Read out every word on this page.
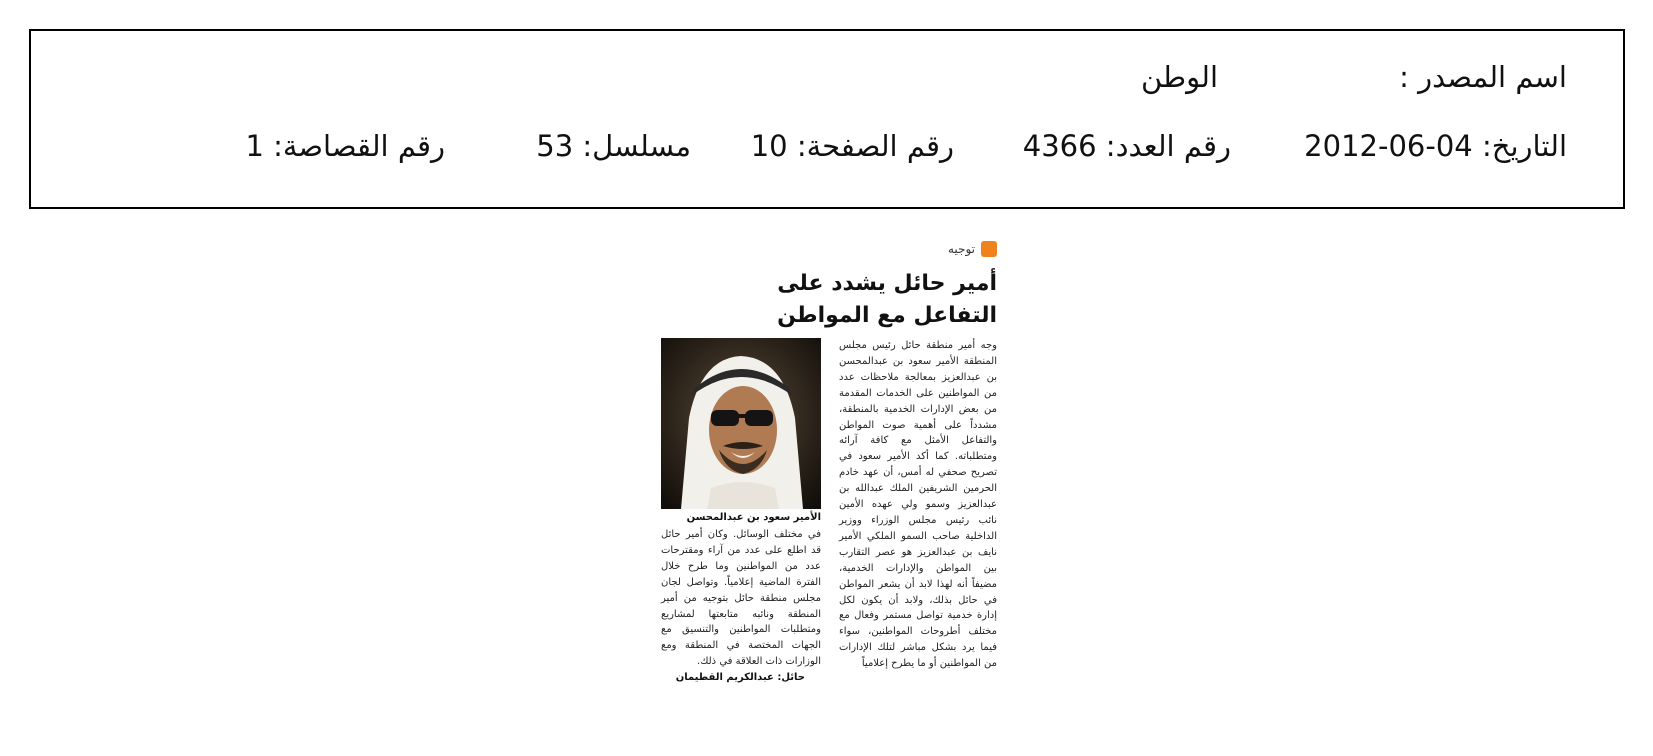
اسم المصدر :
الوطن
التاريخ: 04-06-2012
رقم العدد: 4366
رقم الصفحة: 10
مسلسل: 53
رقم القصاصة: 1
توجيه
أمير حائل يشدد على التفاعل مع المواطن
وجه أمير منطقة حائل رئيس مجلس المنطقة الأمير سعود بن عبدالمحسن بن عبدالعزيز بمعالجة ملاحظات عدد من المواطنين على الخدمات المقدمة من بعض الإدارات الخدمية بالمنطقة، مشدداً على أهمية صوت المواطن والتفاعل الأمثل مع كافة آرائه ومتطلباته. كما أكد الأمير سعود في تصريح صحفي له أمس، أن عهد خادم الحرمين الشريفين الملك عبدالله بن عبدالعزيز وسمو ولي عهده الأمين نائب رئيس مجلس الوزراء ووزير الداخلية صاحب السمو الملكي الأمير نايف بن عبدالعزيز هو عصر التقارب بين المواطن والإدارات الخدمية، مضيفاً أنه لهذا لابد أن يشعر المواطن في حائل بذلك، ولابد أن يكون لكل إدارة خدمية تواصل مستمر وفعال مع مختلف أطروحات المواطنين، سواء فيما يرد بشكل مباشر لتلك الإدارات من المواطنين أو ما يطرح إعلامياً
الأمير سعود بن عبدالمحسن
في مختلف الوسائل. وكان أمير حائل قد اطلع على عدد من آراء ومقترحات عدد من المواطنين وما طرح خلال الفترة الماضية إعلامياً. وتواصل لجان مجلس منطقة حائل بتوجيه من أمير المنطقة ونائبه متابعتها لمشاريع ومتطلبات المواطنين والتنسيق مع الجهات المختصة في المنطقة ومع الوزارات ذات العلاقة في ذلك.
حائل: عبدالكريم القطيمان
